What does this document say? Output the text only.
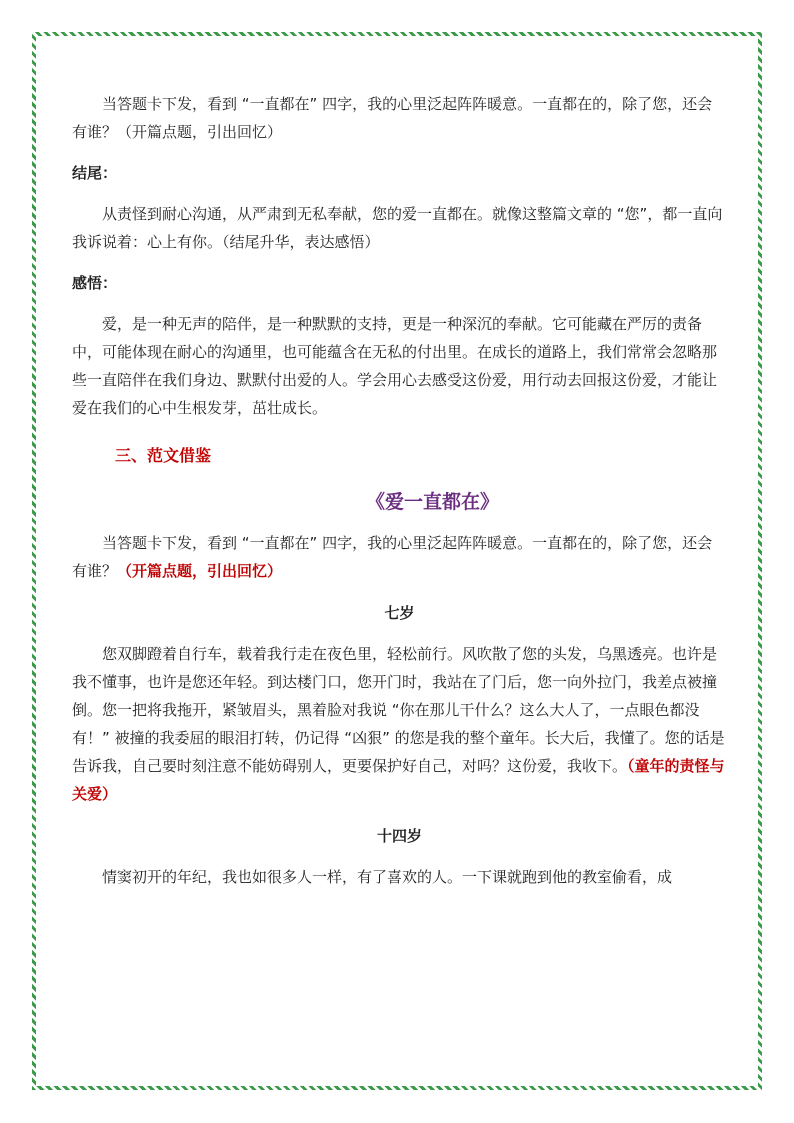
当答题卡下发，看到 “一直都在” 四字，我的心里泛起阵阵暖意。一直都在的，除了您，还会有谁？（开篇点题，引出回忆）

结尾：

从责怪到耐心沟通，从严肃到无私奉献，您的爱一直都在。就像这整篇文章的 “您”，都一直向我诉说着：心上有你。（结尾升华，表达感悟）

感悟：

爱，是一种无声的陪伴，是一种默默的支持，更是一种深沉的奉献。它可能藏在严厉的责备中，可能体现在耐心的沟通里，也可能蕴含在无私的付出里。在成长的道路上，我们常常会忽略那些一直陪伴在我们身边、默默付出爱的人。学会用心去感受这份爱，用行动去回报这份爱，才能让爱在我们的心中生根发芽，茁壮成长。

三、范文借鉴

《爱一直都在》

当答题卡下发，看到 “一直都在” 四字，我的心里泛起阵阵暖意。一直都在的，除了您，还会有谁？（开篇点题，引出回忆）

七岁

您双脚蹬着自行车，载着我行走在夜色里，轻松前行。风吹散了您的头发，乌黑透亮。也许是我不懂事，也许是您还年轻。到达楼门口，您开门时，我站在了门后，您一向外拉门，我差点被撞倒。您一把将我拖开，紧皱眉头，黑着脸对我说 “你在那儿干什么？这么大人了，一点眼色都没有！” 被撞的我委屈的眼泪打转，仍记得 “凶狠” 的您是我的整个童年。长大后，我懂了。您的话是告诉我，自己要时刻注意不能妨碍别人，更要保护好自己，对吗？这份爱，我收下。（童年的责怪与关爱）

十四岁

情窦初开的年纪，我也如很多人一样，有了喜欢的人。一下课就跑到他的教室偷看，成
